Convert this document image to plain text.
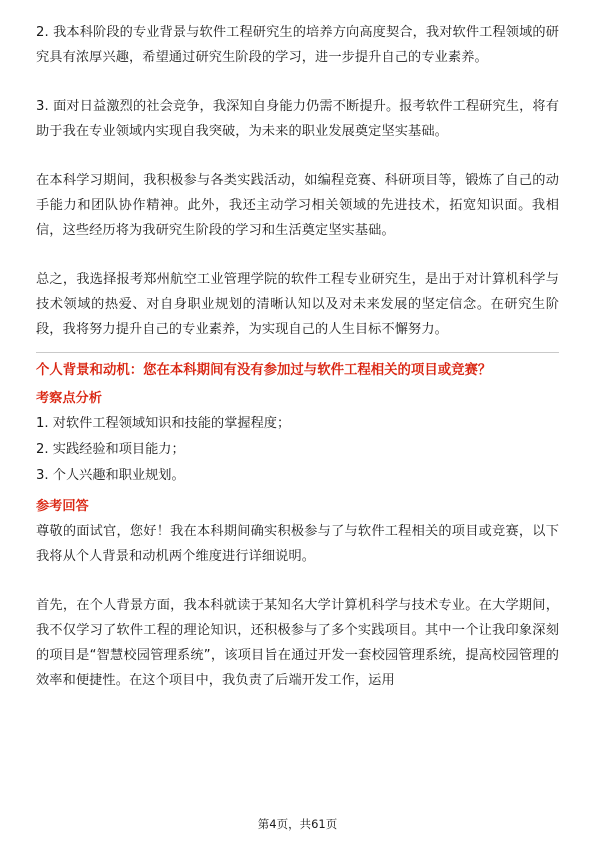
2. 我本科阶段的专业背景与软件工程研究生的培养方向高度契合，我对软件工程领域的研究具有浓厚兴趣，希望通过研究生阶段的学习，进一步提升自己的专业素养。

3. 面对日益激烈的社会竞争，我深知自身能力仍需不断提升。报考软件工程研究生，将有助于我在专业领域内实现自我突破，为未来的职业发展奠定坚实基础。

在本科学习期间，我积极参与各类实践活动，如编程竞赛、科研项目等，锻炼了自己的动手能力和团队协作精神。此外，我还主动学习相关领域的先进技术，拓宽知识面。我相信，这些经历将为我研究生阶段的学习和生活奠定坚实基础。

总之，我选择报考郑州航空工业管理学院的软件工程专业研究生，是出于对计算机科学与技术领域的热爱、对自身职业规划的清晰认知以及对未来发展的坚定信念。在研究生阶段，我将努力提升自己的专业素养，为实现自己的人生目标不懈努力。

个人背景和动机：您在本科期间有没有参加过与软件工程相关的项目或竞赛？

考察点分析

1. 对软件工程领域知识和技能的掌握程度；
2. 实践经验和项目能力；
3. 个人兴趣和职业规划。

参考回答

尊敬的面试官，您好！我在本科期间确实积极参与了与软件工程相关的项目或竞赛，以下我将从个人背景和动机两个维度进行详细说明。

首先，在个人背景方面，我本科就读于某知名大学计算机科学与技术专业。在大学期间，我不仅学习了软件工程的理论知识，还积极参与了多个实践项目。其中一个让我印象深刻的项目是“智慧校园管理系统”，该项目旨在通过开发一套校园管理系统，提高校园管理的效率和便捷性。在这个项目中，我负责了后端开发工作，运用

第4页，共61页
